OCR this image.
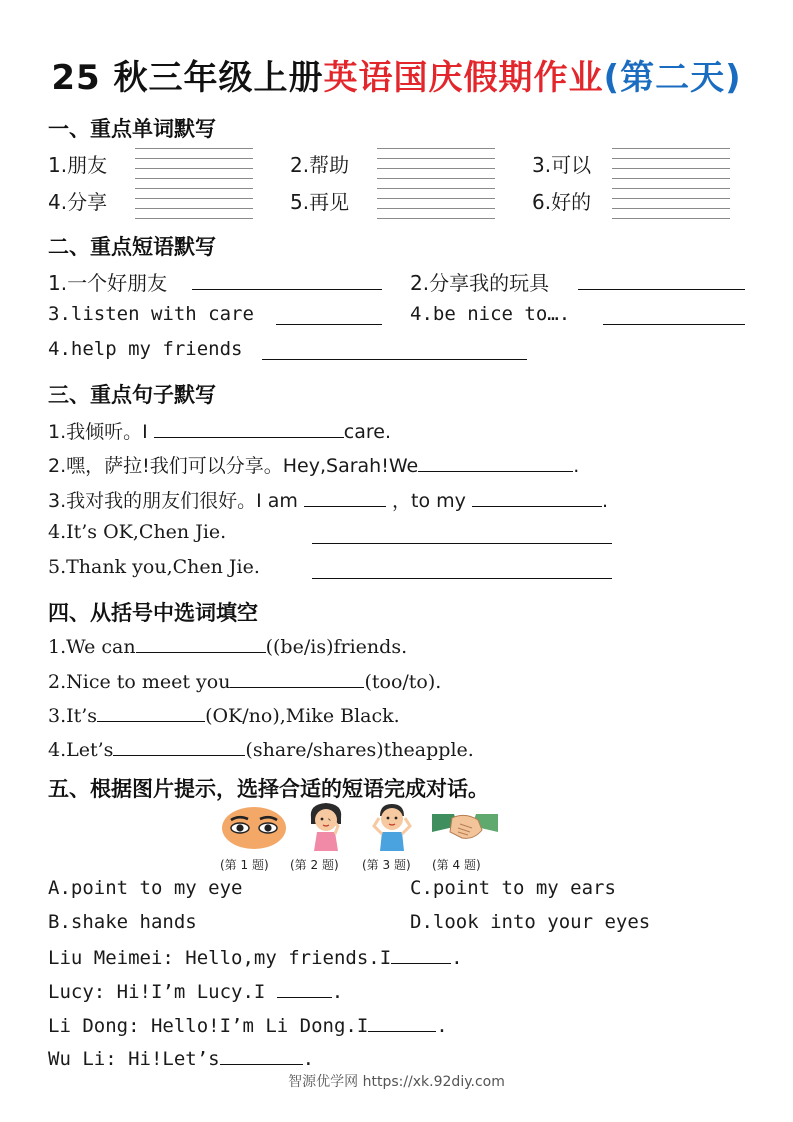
25 秋三年级上册英语国庆假期作业(第二天)
一、重点单词默写
1.朋友	2.帮助	3.可以
4.分享	5.再见	6.好的
二、重点短语默写
1.一个好朋友	2.分享我的玩具
3.listen with care	4.be nice to….
4.help my friends
三、重点句子默写
1.我倾听。I	care.
2.嘿，萨拉!我们可以分享。Hey,Sarah!We	.
3.我对我的朋友们很好。I am	，to my	.
4.It’s OK,Chen Jie.
5.Thank you,Chen Jie.
四、从括号中选词填空
1.We can	((be/is)friends.
2.Nice to meet you	(too/to).
3.It’s	(OK/no),Mike Black.
4.Let’s	(share/shares)theapple.
五、根据图片提示，选择合适的短语完成对话。
(第 1 题) (第 2 题) (第 3 题) (第 4 题)
A.point to my eye	C.point to my ears
B.shake hands	D.look into your eyes
Liu Meimei: Hello,my friends.I	.
Lucy: Hi!I’m Lucy.I	.
Li Dong: Hello!I’m Li Dong.I	.
Wu Li: Hi!Let’s	.
智源优学网 https://xk.92diy.com
